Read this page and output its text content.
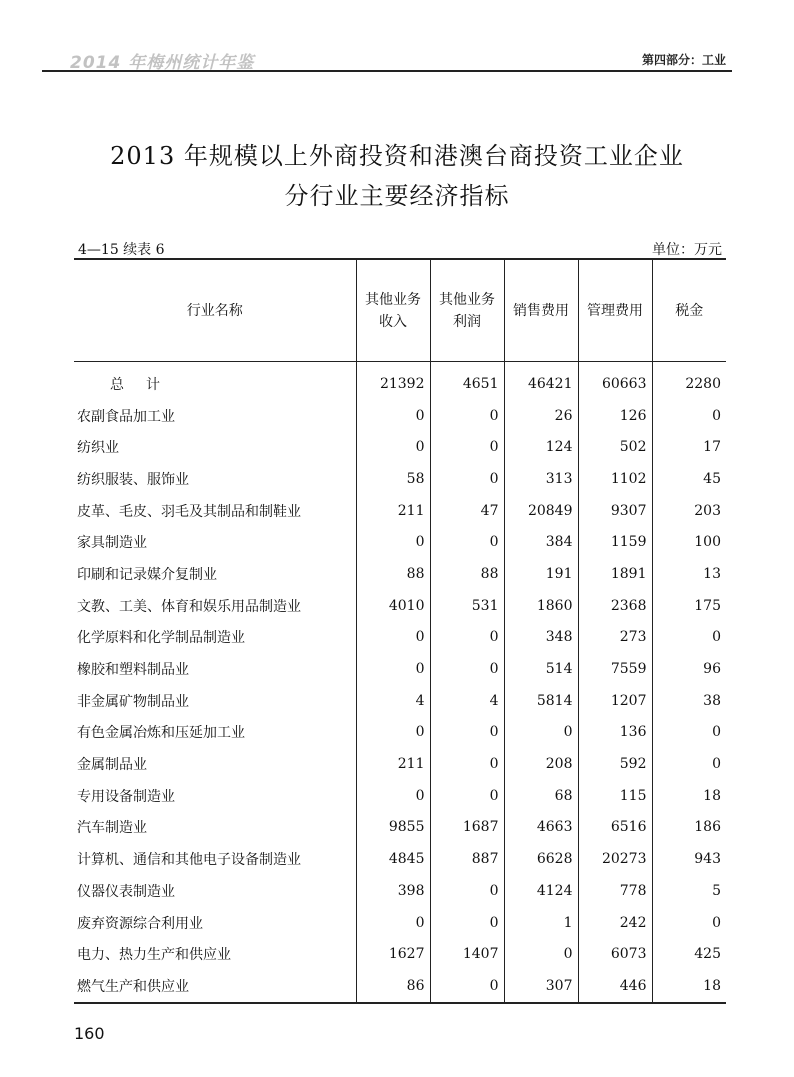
2014 年梅州统计年鉴	第四部分：工业
2013 年规模以上外商投资和港澳台商投资工业企业
分行业主要经济指标
4—15 续表 6	单位：万元
行业名称	其他业务收入	其他业务利润	销售费用	管理费用	税金
总计	21392	4651	46421	60663	2280
农副食品加工业	0	0	26	126	0
纺织业	0	0	124	502	17
纺织服装、服饰业	58	0	313	1102	45
皮革、毛皮、羽毛及其制品和制鞋业	211	47	20849	9307	203
家具制造业	0	0	384	1159	100
印刷和记录媒介复制业	88	88	191	1891	13
文教、工美、体育和娱乐用品制造业	4010	531	1860	2368	175
化学原料和化学制品制造业	0	0	348	273	0
橡胶和塑料制品业	0	0	514	7559	96
非金属矿物制品业	4	4	5814	1207	38
有色金属冶炼和压延加工业	0	0	0	136	0
金属制品业	211	0	208	592	0
专用设备制造业	0	0	68	115	18
汽车制造业	9855	1687	4663	6516	186
计算机、通信和其他电子设备制造业	4845	887	6628	20273	943
仪器仪表制造业	398	0	4124	778	5
废弃资源综合利用业	0	0	1	242	0
电力、热力生产和供应业	1627	1407	0	6073	425
燃气生产和供应业	86	0	307	446	18
160
